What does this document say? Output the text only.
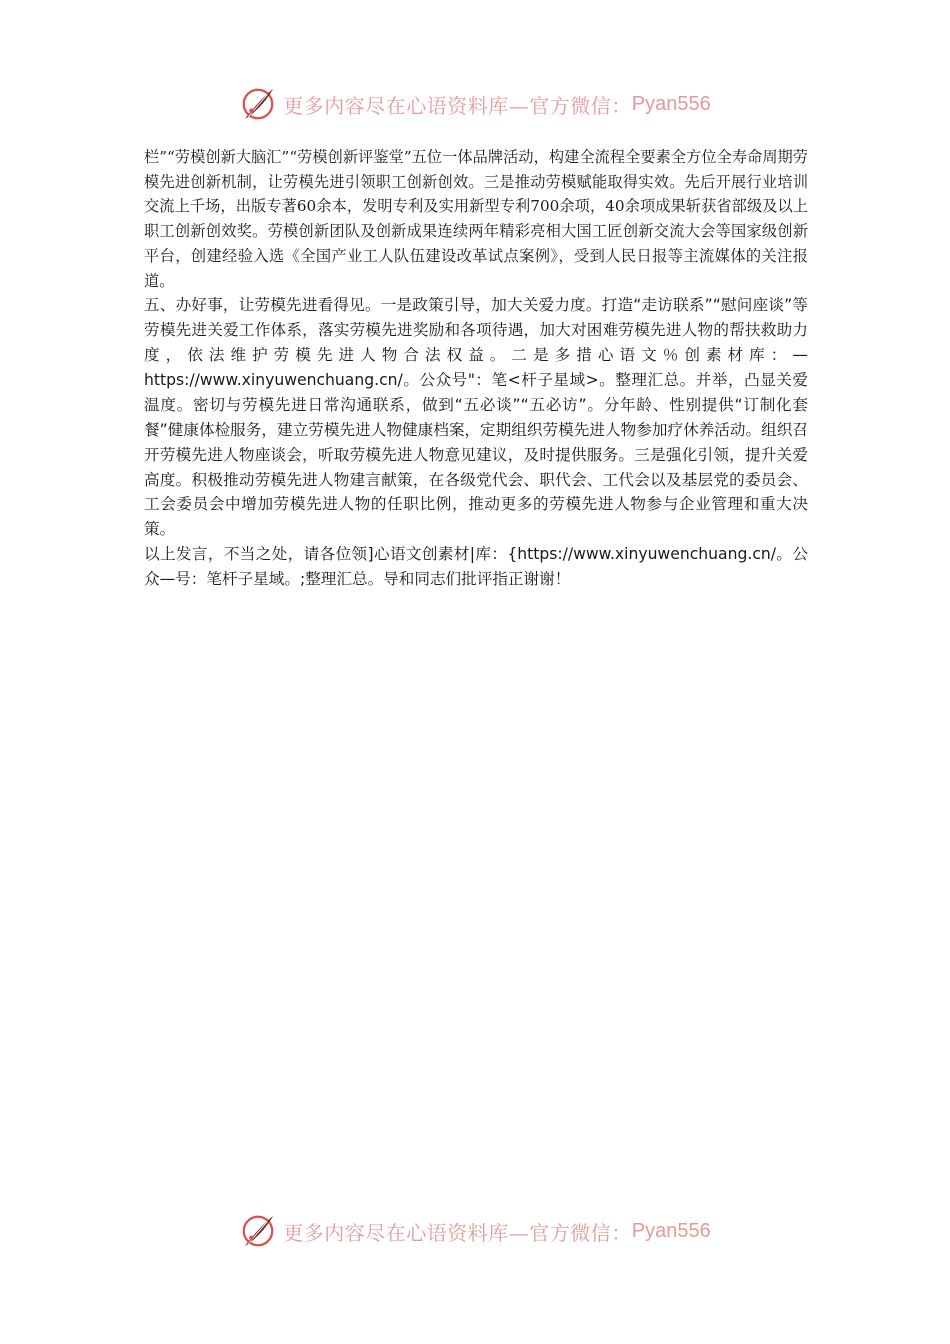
更多内容尽在心语资料库—官方微信： Pyan556

栏”“劳模创新大脑汇”“劳模创新评鉴堂”五位一体品牌活动，构建全流程全要素全方位全寿命周期劳模先进创新机制，让劳模先进引领职工创新创效。三是推动劳模赋能取得实效。先后开展行业培训交流上千场，出版专著60余本，发明专利及实用新型专利700余项，40余项成果斩获省部级及以上职工创新创效奖。劳模创新团队及创新成果连续两年精彩亮相大国工匠创新交流大会等国家级创新平台，创建经验入选《全国产业工人队伍建设改革试点案例》，受到人民日报等主流媒体的关注报道。

五、办好事，让劳模先进看得见。一是政策引导，加大关爱力度。打造“走访联系”“慰问座谈”等劳模先进关爱工作体系，落实劳模先进奖励和各项待遇，加大对困难劳模先进人物的帮扶救助力度，依法维护劳模先进人物合法权益。二是多措心语文％创素材库：—https://www.xinyuwenchuang.cn/。公众号"：笔<杆子星域>。整理汇总。并举，凸显关爱温度。密切与劳模先进日常沟通联系，做到“五必谈”“五必访”。分年龄、性别提供“订制化套餐”健康体检服务，建立劳模先进人物健康档案，定期组织劳模先进人物参加疗休养活动。组织召开劳模先进人物座谈会，听取劳模先进人物意见建议，及时提供服务。三是强化引领，提升关爱高度。积极推动劳模先进人物建言献策，在各级党代会、职代会、工代会以及基层党的委员会、工会委员会中增加劳模先进人物的任职比例，推动更多的劳模先进人物参与企业管理和重大决策。

以上发言，不当之处，请各位领]心语文创素材|库：{https://www.xinyuwenchuang.cn/。公众—号：笔杆子星域。;整理汇总。导和同志们批评指正谢谢！

更多内容尽在心语资料库—官方微信： Pyan556
